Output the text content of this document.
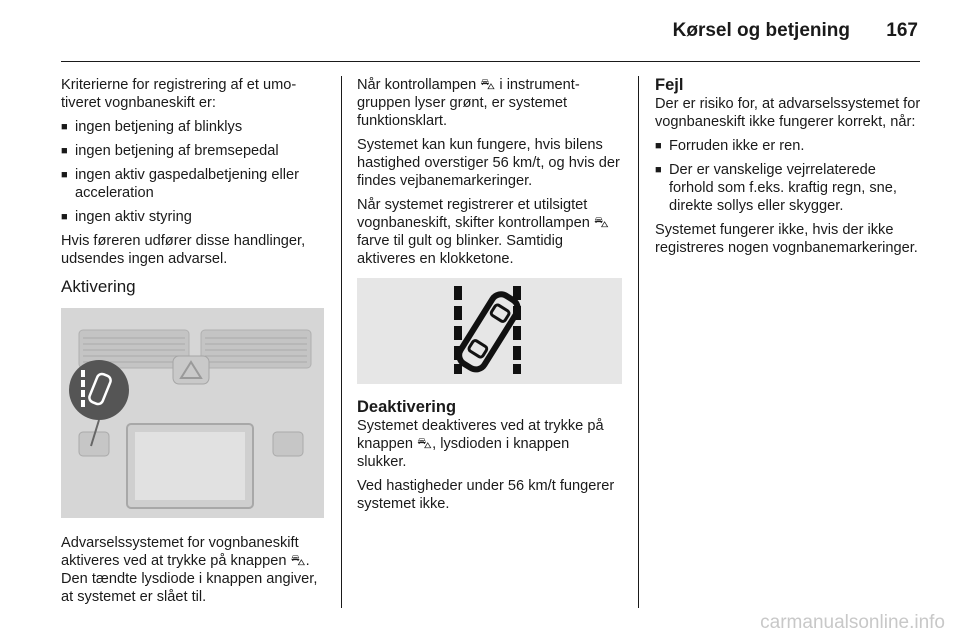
Kørsel og betjening	167

Kriterierne for registrering af et umotiveret vognbaneskift er:

■ ingen betjening af blinklys
■ ingen betjening af bremsepedal
■ ingen aktiv gaspedalbetjening eller acceleration
■ ingen aktiv styring

Hvis føreren udfører disse handlinger, udsendes ingen advarsel.

Aktivering

Advarselssystemet for vognbaneskift aktiveres ved at trykke på knappen ⛍. Den tændte lysdiode i knappen angiver, at systemet er slået til.

Når kontrollampen ⛍ i instrumentgruppen lyser grønt, er systemet funktionsklart.

Systemet kan kun fungere, hvis bilens hastighed overstiger 56 km/t, og hvis der findes vejbanemarkeringer.

Når systemet registrerer et utilsigtet vognbaneskift, skifter kontrollampen ⛍ farve til gult og blinker. Samtidig aktiveres en klokketone.

Deaktivering

Systemet deaktiveres ved at trykke på knappen ⛍, lysdioden i knappen slukker.

Ved hastigheder under 56 km/t fungerer systemet ikke.

Fejl

Der er risiko for, at advarselssystemet for vognbaneskift ikke fungerer korrekt, når:

■ Forruden ikke er ren.
■ Der er vanskelige vejrrelaterede forhold som f.eks. kraftig regn, sne, direkte sollys eller skygger.

Systemet fungerer ikke, hvis der ikke registreres nogen vognbanemarkeringer.

carmanualsonline.info
